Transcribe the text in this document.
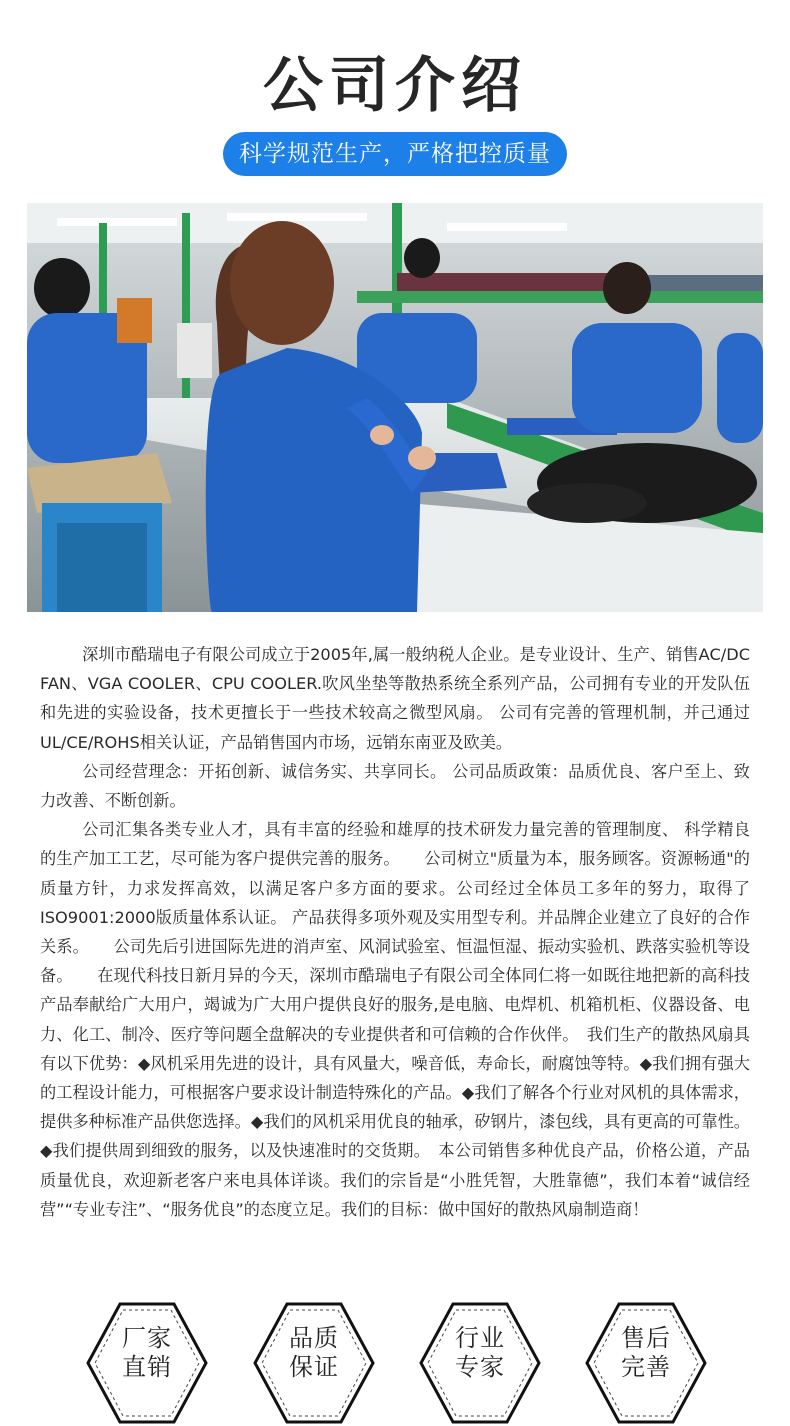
公司介绍
科学规范生产，严格把控质量

深圳市酷瑞电子有限公司成立于2005年,属一般纳税人企业。是专业设计、生产、销售AC/DC FAN、VGA COOLER、CPU COOLER.吹风坐垫等散热系统全系列产品，公司拥有专业的开发队伍和先进的实验设备，技术更擅长于一些技术较高之微型风扇。 公司有完善的管理机制，并己通过UL/CE/ROHS相关认证，产品销售国内市场，远销东南亚及欧美。

公司经营理念：开拓创新、诚信务实、共享同长。 公司品质政策：品质优良、客户至上、致力改善、不断创新。

公司汇集各类专业人才，具有丰富的经验和雄厚的技术研发力量完善的管理制度、 科学精良的生产加工工艺，尽可能为客户提供完善的服务。　　公司树立"质量为本，服务顾客。资源畅通"的质量方针，力求发挥高效，以满足客户多方面的要求。公司经过全体员工多年的努力，取得了ISO9001:2000版质量体系认证。 产品获得多项外观及实用型专利。并品牌企业建立了良好的合作关系。　　公司先后引进国际先进的消声室、风洞试验室、恒温恒湿、振动实验机、跌落实验机等设备。　　在现代科技日新月异的今天，深圳市酷瑞电子有限公司全体同仁将一如既往地把新的高科技产品奉献给广大用户，竭诚为广大用户提供良好的服务,是电脑、电焊机、机箱机柜、仪器设备、电力、化工、制冷、医疗等问题全盘解决的专业提供者和可信赖的合作伙伴。　我们生产的散热风扇具有以下优势：◆风机采用先进的设计，具有风量大，噪音低，寿命长，耐腐蚀等特。◆我们拥有强大的工程设计能力，可根据客户要求设计制造特殊化的产品。◆我们了解各个行业对风机的具体需求，提供多种标准产品供您选择。◆我们的风机采用优良的轴承，矽钢片，漆包线，具有更高的可靠性。◆我们提供周到细致的服务，以及快速准时的交货期。　本公司销售多种优良产品，价格公道，产品质量优良，欢迎新老客户来电具体详谈。我们的宗旨是“小胜凭智，大胜靠德”，我们本着“诚信经营”“专业专注”、“服务优良”的态度立足。我们的目标：做中国好的散热风扇制造商！

厂家
直销
品质
保证
行业
专家
售后
完善
